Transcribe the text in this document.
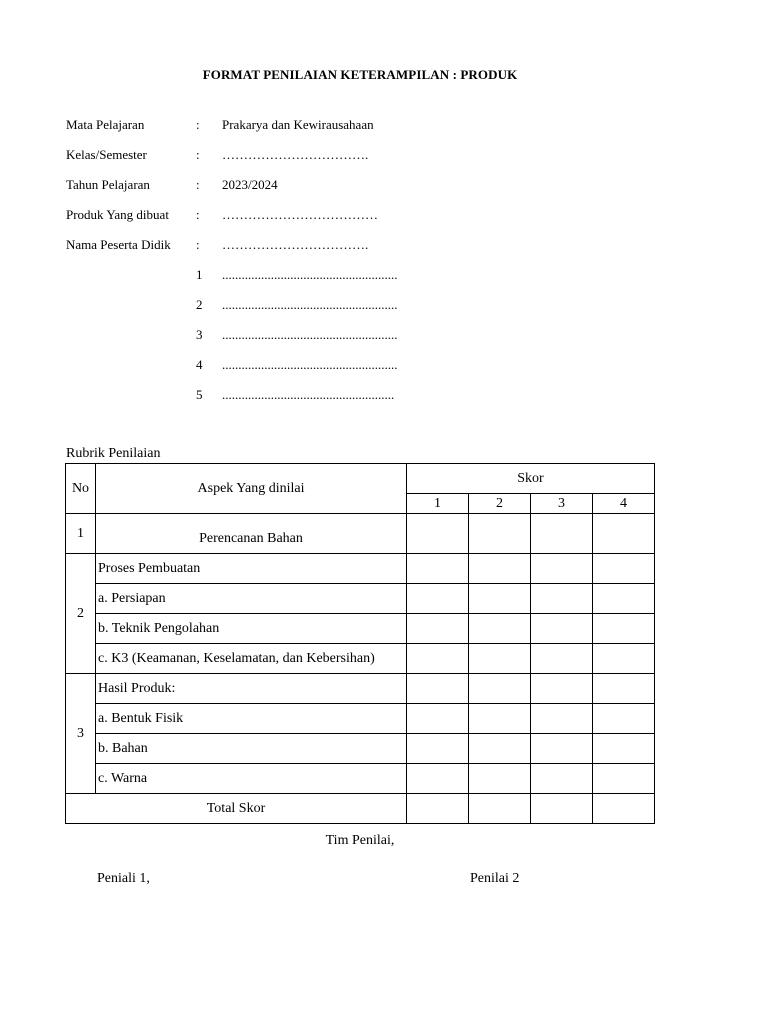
FORMAT PENILAIAN KETERAMPILAN : PRODUK
Mata Pelajaran	: Prakarya dan Kewirausahaan
Kelas/Semester	: …………………………….
Tahun Pelajaran	: 2023/2024
Produk Yang dibuat : ………………………………
Nama Peserta Didik : …………………………….
1 ......................................................
2 ......................................................
3 ......................................................
4 ......................................................
5 .....................................................
Rubrik Penilaian
No	Aspek Yang dinilai	Skor			
		1	2	3	4
1	Perencanan Bahan				
2	Proses Pembuatan				
	a. Persiapan				
	b. Teknik Pengolahan				
	c. K3 (Keamanan, Keselamatan, dan Kebersihan)				
3	Hasil Produk:				
	a. Bentuk Fisik				
	b. Bahan				
	c. Warna				
Total Skor					
Tim Penilai,
Peniali 1,	Penilai 2
